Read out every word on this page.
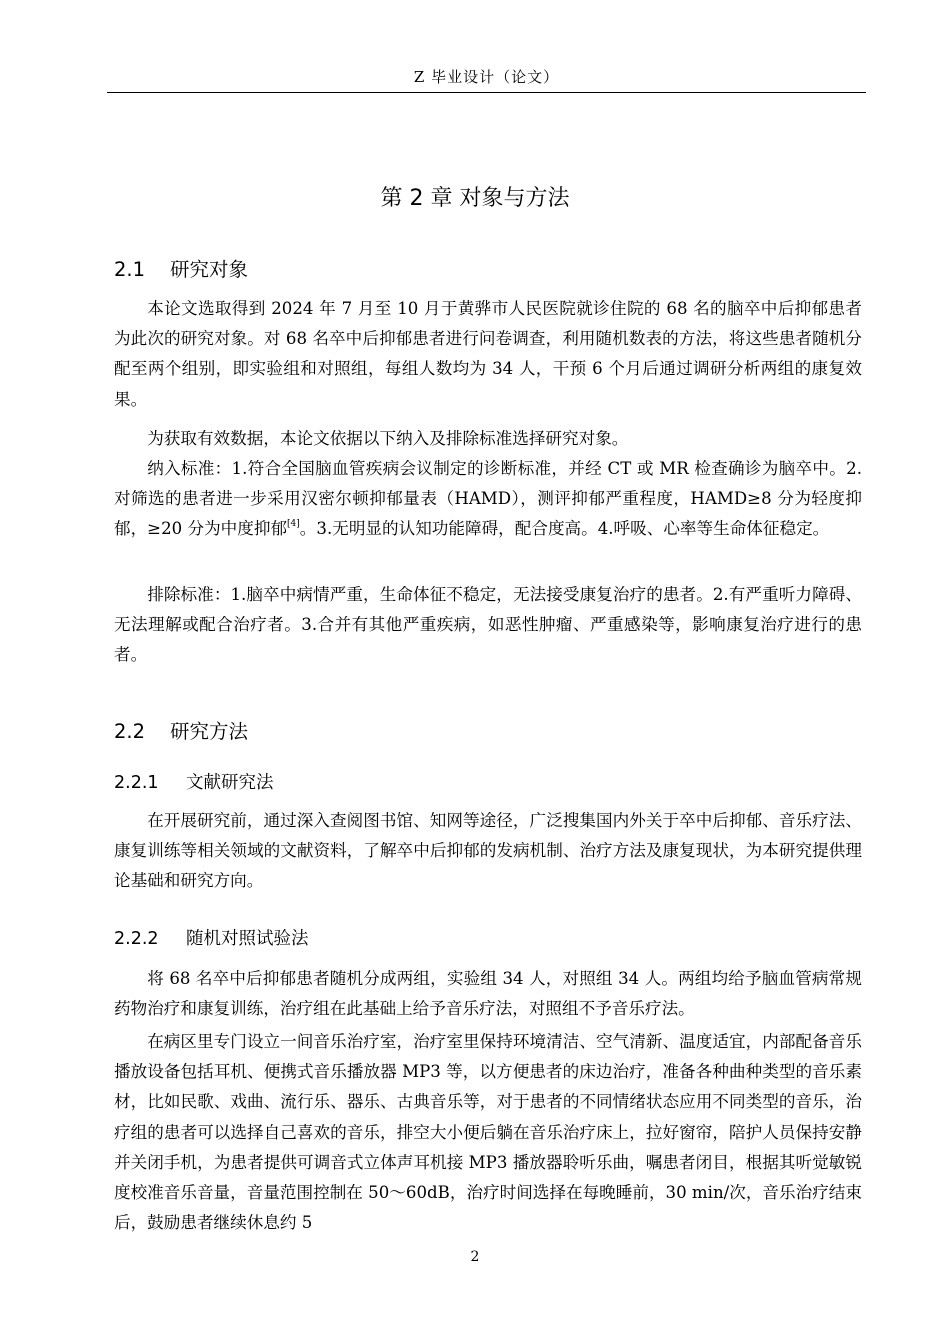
Z 毕业设计（论文）
第 2 章 对象与方法
2.1 研究对象

本论文选取得到 2024 年 7 月至 10 月于黄骅市人民医院就诊住院的 68 名的脑卒中后抑郁患者为此次的研究对象。对 68 名卒中后抑郁患者进行问卷调查，利用随机数表的方法，将这些患者随机分配至两个组别，即实验组和对照组，每组人数均为 34 人，干预 6 个月后通过调研分析两组的康复效果。

为获取有效数据，本论文依据以下纳入及排除标准选择研究对象。

纳入标准：1.符合全国脑血管疾病会议制定的诊断标准，并经 CT 或 MR 检查确诊为脑卒中。2.对筛选的患者进一步采用汉密尔顿抑郁量表（HAMD），测评抑郁严重程度，HAMD≥8 分为轻度抑郁，≥20 分为中度抑郁[4]。3.无明显的认知功能障碍，配合度高。4.呼吸、心率等生命体征稳定。

排除标准：1.脑卒中病情严重，生命体征不稳定，无法接受康复治疗的患者。2.有严重听力障碍、无法理解或配合治疗者。3.合并有其他严重疾病，如恶性肿瘤、严重感染等，影响康复治疗进行的患者。

2.2 研究方法
2.2.1 文献研究法

在开展研究前，通过深入查阅图书馆、知网等途径，广泛搜集国内外关于卒中后抑郁、音乐疗法、康复训练等相关领域的文献资料，了解卒中后抑郁的发病机制、治疗方法及康复现状，为本研究提供理论基础和研究方向。

2.2.2 随机对照试验法

将 68 名卒中后抑郁患者随机分成两组，实验组 34 人，对照组 34 人。两组均给予脑血管病常规药物治疗和康复训练，治疗组在此基础上给予音乐疗法，对照组不予音乐疗法。

在病区里专门设立一间音乐治疗室，治疗室里保持环境清洁、空气清新、温度适宜，内部配备音乐播放设备包括耳机、便携式音乐播放器 MP3 等，以方便患者的床边治疗，准备各种曲种类型的音乐素材，比如民歌、戏曲、流行乐、器乐、古典音乐等，对于患者的不同情绪状态应用不同类型的音乐，治疗组的患者可以选择自己喜欢的音乐，排空大小便后躺在音乐治疗床上，拉好窗帘，陪护人员保持安静并关闭手机，为患者提供可调音式立体声耳机接 MP3 播放器聆听乐曲，嘱患者闭目，根据其听觉敏锐度校准音乐音量，音量范围控制在 50～60dB，治疗时间选择在每晚睡前，30 min/次，音乐治疗结束后，鼓励患者继续休息约 5

2
